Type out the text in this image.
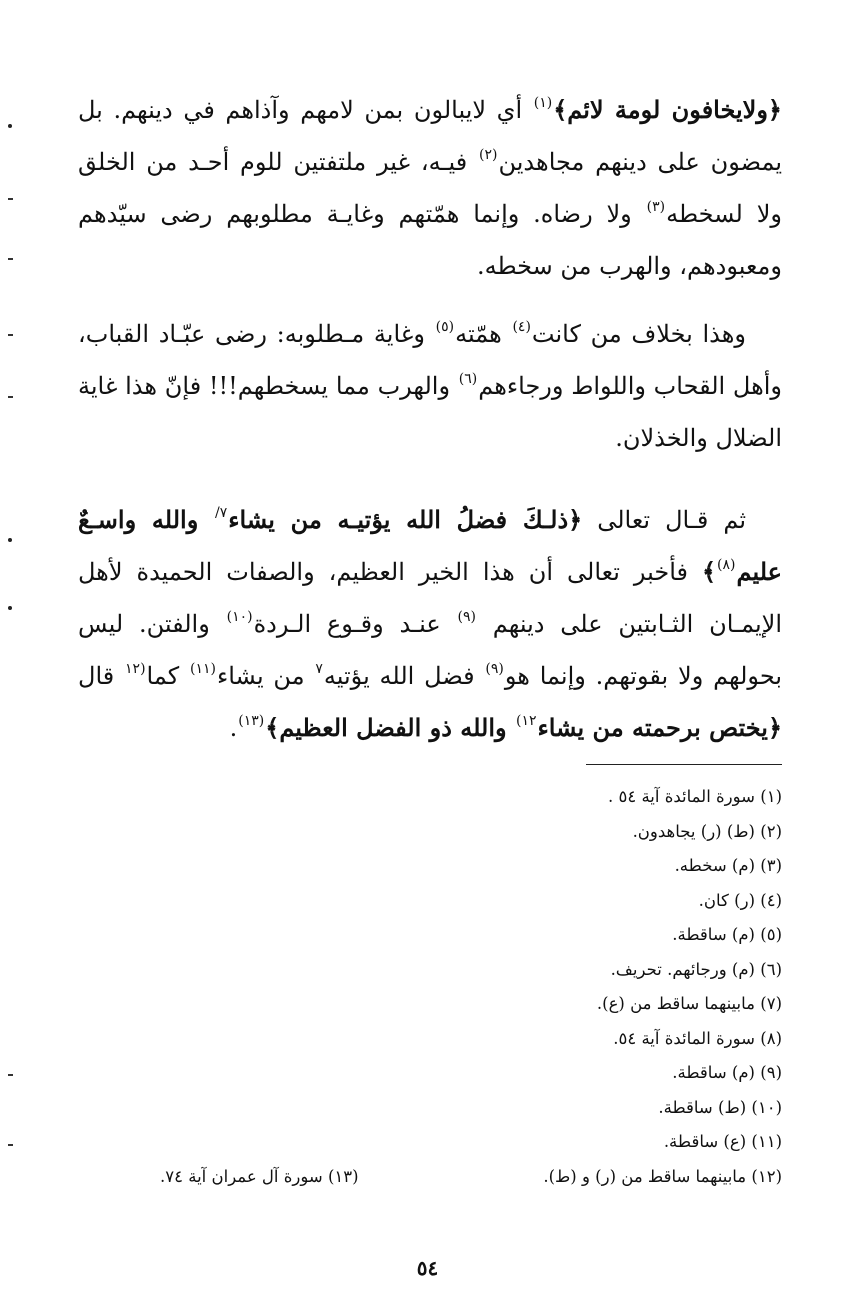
﴿ولايخافون لومة لائم﴾$^{(١)}$ أي لايبالون بمن لامهم وآذاهم في دينهم. بل يمضون على دينهم مجاهدين$^{(٢)}$ فيـه، غير ملتفتين للوم أحـد من الخلق ولا لسخطه$^{(٣)}$ ولا رضاه. وإنما همّتهم وغايـة مطلوبهم رضى سيّدهم ومعبودهم، والهرب من سخطه.

وهذا بخلاف من كانت$^{(٤)}$ همّته$^{(٥)}$ وغاية مـطلوبه: رضى عبّـاد القباب، وأهل القحاب واللواط ورجاءهم$^{(٦)}$ والهرب مما يسخطهم!!! فإنّ هذا غاية الضلال والخذلان.

ثم قـال تعالى ﴿ذلـكَ فضلُ الله يؤتيـه من يشاء$^{٧/}$ والله واسـعٌ عليم$^{(٨)}$﴾ فأخبر تعالى أن هذا الخير العظيم، والصفات الحميدة لأهل الإيمـان الثـابتين على دينهم $^{(٩)}$ عنـد وقـوع الـردة$^{(١٠)}$ والفتن. ليس بحولهم ولا بقوتهم. وإنما هو$^{(٩)}$ فضل الله يؤتيه$^٧$ من يشاء$^{(١١)}$ كما$^{(١٢}$ قال ﴿يختص برحمته من يشاء$^{١٢)}$ والله ذو الفضل العظيم﴾$^{(١٣)}$.

(١) سورة المائدة آية ٥٤ .
(٢) (ط) (ر) يجاهدون.
(٣) (م) سخطه.
(٤) (ر) كان.
(٥) (م) ساقطة.
(٦) (م) ورجائهم. تحريف.
(٧) مابينهما ساقط من (ع).
(٨) سورة المائدة آية ٥٤.
(٩) (م) ساقطة.
(١٠) (ط) ساقطة.
(١١) (ع) ساقطة.
(١٢) مابينهما ساقط من (ر) و (ط).
(١٣) سورة آل عمران آية ٧٤.
٥٤
